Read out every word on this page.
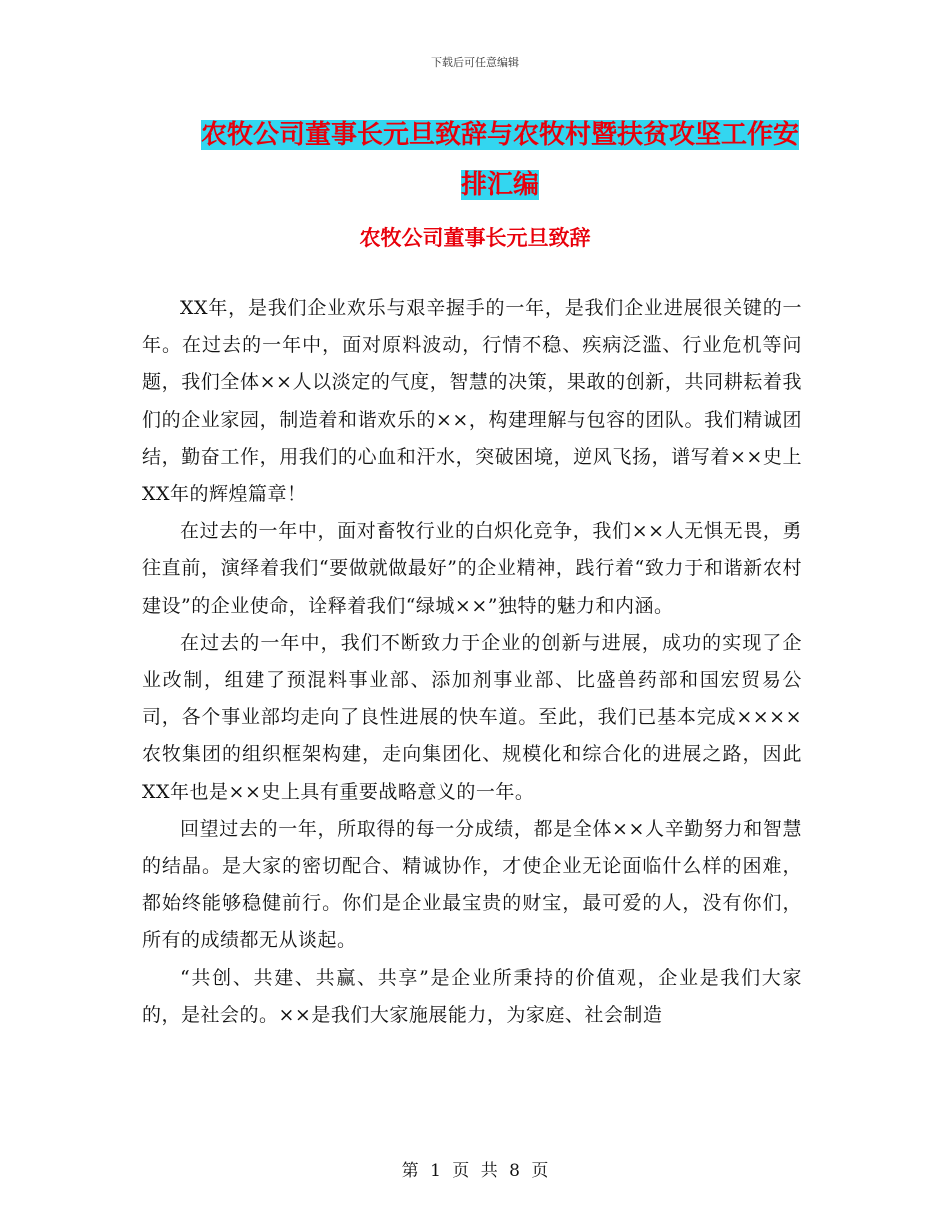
下载后可任意编辑
农牧公司董事长元旦致辞与农牧村暨扶贫攻坚工作安排汇编
农牧公司董事长元旦致辞

XX年，是我们企业欢乐与艰辛握手的一年，是我们企业进展很关键的一年。在过去的一年中，面对原料波动，行情不稳、疾病泛滥、行业危机等问题，我们全体××人以淡定的气度，智慧的决策，果敢的创新，共同耕耘着我们的企业家园，制造着和谐欢乐的××，构建理解与包容的团队。我们精诚团结，勤奋工作，用我们的心血和汗水，突破困境，逆风飞扬，谱写着××史上XX年的辉煌篇章！

在过去的一年中，面对畜牧行业的白炽化竞争，我们××人无惧无畏，勇往直前，演绎着我们“要做就做最好”的企业精神，践行着“致力于和谐新农村建设”的企业使命，诠释着我们“绿城××”独特的魅力和内涵。

在过去的一年中，我们不断致力于企业的创新与进展，成功的实现了企业改制，组建了预混料事业部、添加剂事业部、比盛兽药部和国宏贸易公司，各个事业部均走向了良性进展的快车道。至此，我们已基本完成××××农牧集团的组织框架构建，走向集团化、规模化和综合化的进展之路，因此XX年也是××史上具有重要战略意义的一年。

回望过去的一年，所取得的每一分成绩，都是全体××人辛勤努力和智慧的结晶。是大家的密切配合、精诚协作，才使企业无论面临什么样的困难，都始终能够稳健前行。你们是企业最宝贵的财宝，最可爱的人，没有你们，所有的成绩都无从谈起。

“共创、共建、共赢、共享”是企业所秉持的价值观，企业是我们大家的，是社会的。××是我们大家施展能力，为家庭、社会制造

第 1 页 共 8 页
